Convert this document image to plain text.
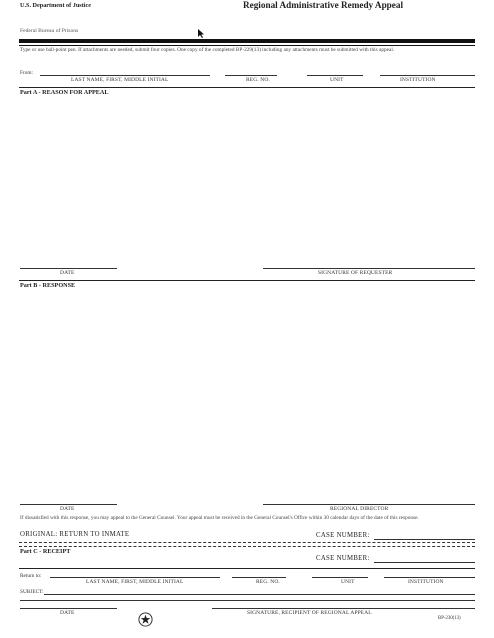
U.S. Department of Justice	Regional Administrative Remedy Appeal
Federal Bureau of Prisons
Type or use ball-point pen. If attachments are needed, submit four copies. One copy of the completed BP-229(13) including any attachments must be submitted with this appeal.
From:
LAST NAME, FIRST, MIDDLE INITIAL	REG. NO.	UNIT	INSTITUTION
Part A - REASON FOR APPEAL
DATE	SIGNATURE OF REQUESTER
Part B - RESPONSE
DATE	REGIONAL DIRECTOR
If dissatisfied with this response, you may appeal to the General Counsel. Your appeal must be received in the General Counsel's Office within 30 calendar days of the date of this response.
ORIGINAL: RETURN TO INMATE	CASE NUMBER:
Part C - RECEIPT
CASE NUMBER:
Return to:
LAST NAME, FIRST, MIDDLE INITIAL	REG. NO.	UNIT	INSTITUTION
SUBJECT:
DATE	SIGNATURE, RECIPIENT OF REGIONAL APPEAL
BP-230(13)
